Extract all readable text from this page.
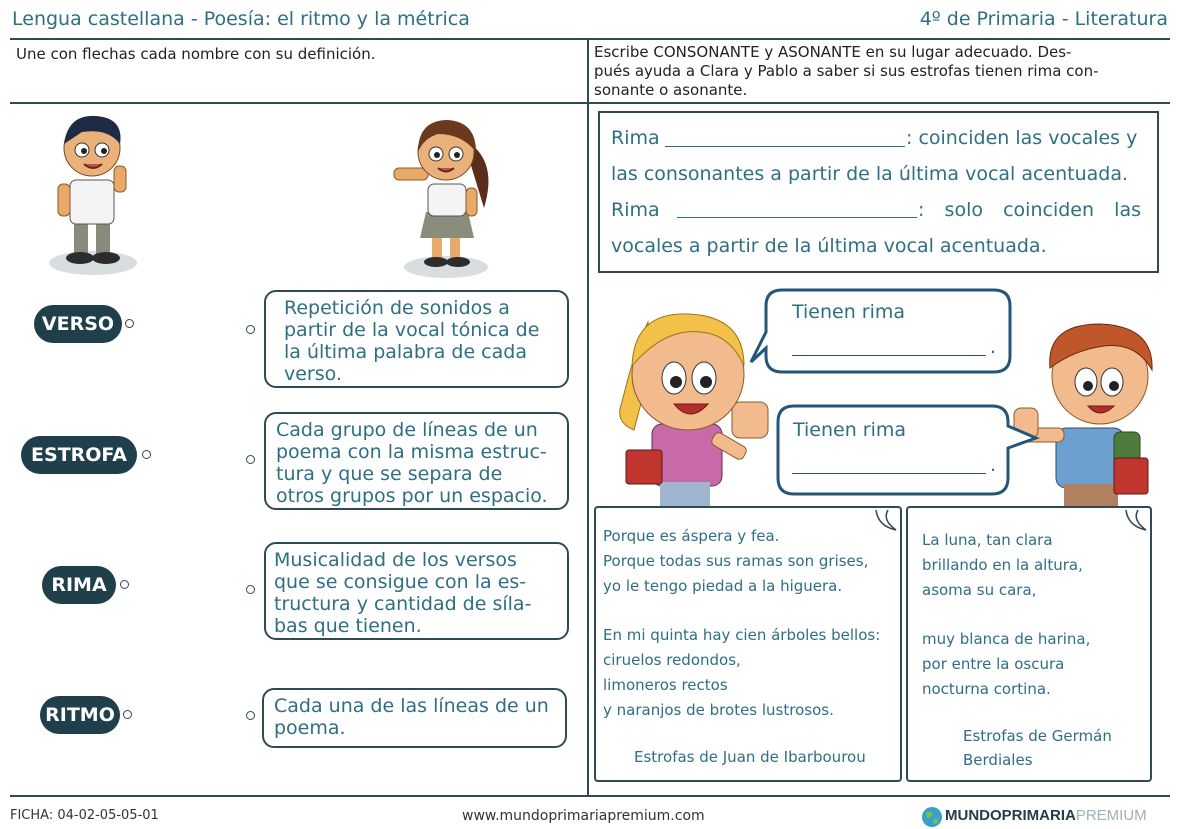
Lengua castellana - Poesía: el ritmo y la métrica	4º de Primaria - Literatura
Une con flechas cada nombre con su definición.	Escribe CONSONANTE y ASONANTE en su lugar adecuado. Des-
pués ayuda a Clara y Pablo a saber si sus estrofas tienen rima con-
sonante o asonante.
VERSO
Repetición de sonidos a
partir de la vocal tónica de
la última palabra de cada
verso.
ESTROFA
Cada grupo de líneas de un
poema con la misma estruc-
tura y que se separa de
otros grupos por un espacio.
RIMA
Musicalidad de los versos
que se consigue con la es-
tructura y cantidad de síla-
bas que tienen.
RITMO	Cada una de las líneas de un
poema.
Rima	: coinciden las vocales y
las consonantes a partir de la última vocal acentuada.
Rima	: solo coinciden las
vocales a partir de la última vocal acentuada.
Tienen rima
.
Tienen rima
.
Porque es áspera y fea.
Porque todas sus ramas son grises,
yo le tengo piedad a la higuera.
En mi quinta hay cien árboles bellos:
ciruelos redondos,
limoneros rectos
y naranjos de brotes lustrosos.
Estrofas de Juan de Ibarbourou
La luna, tan clara
brillando en la altura,
asoma su cara,
muy blanca de harina,
por entre la oscura
nocturna cortina.
Estrofas de Germán
Berdiales
FICHA: 04-02-05-05-01	www.mundoprimariapremium.com	MUNDOPRIMARIAPREMIUM
